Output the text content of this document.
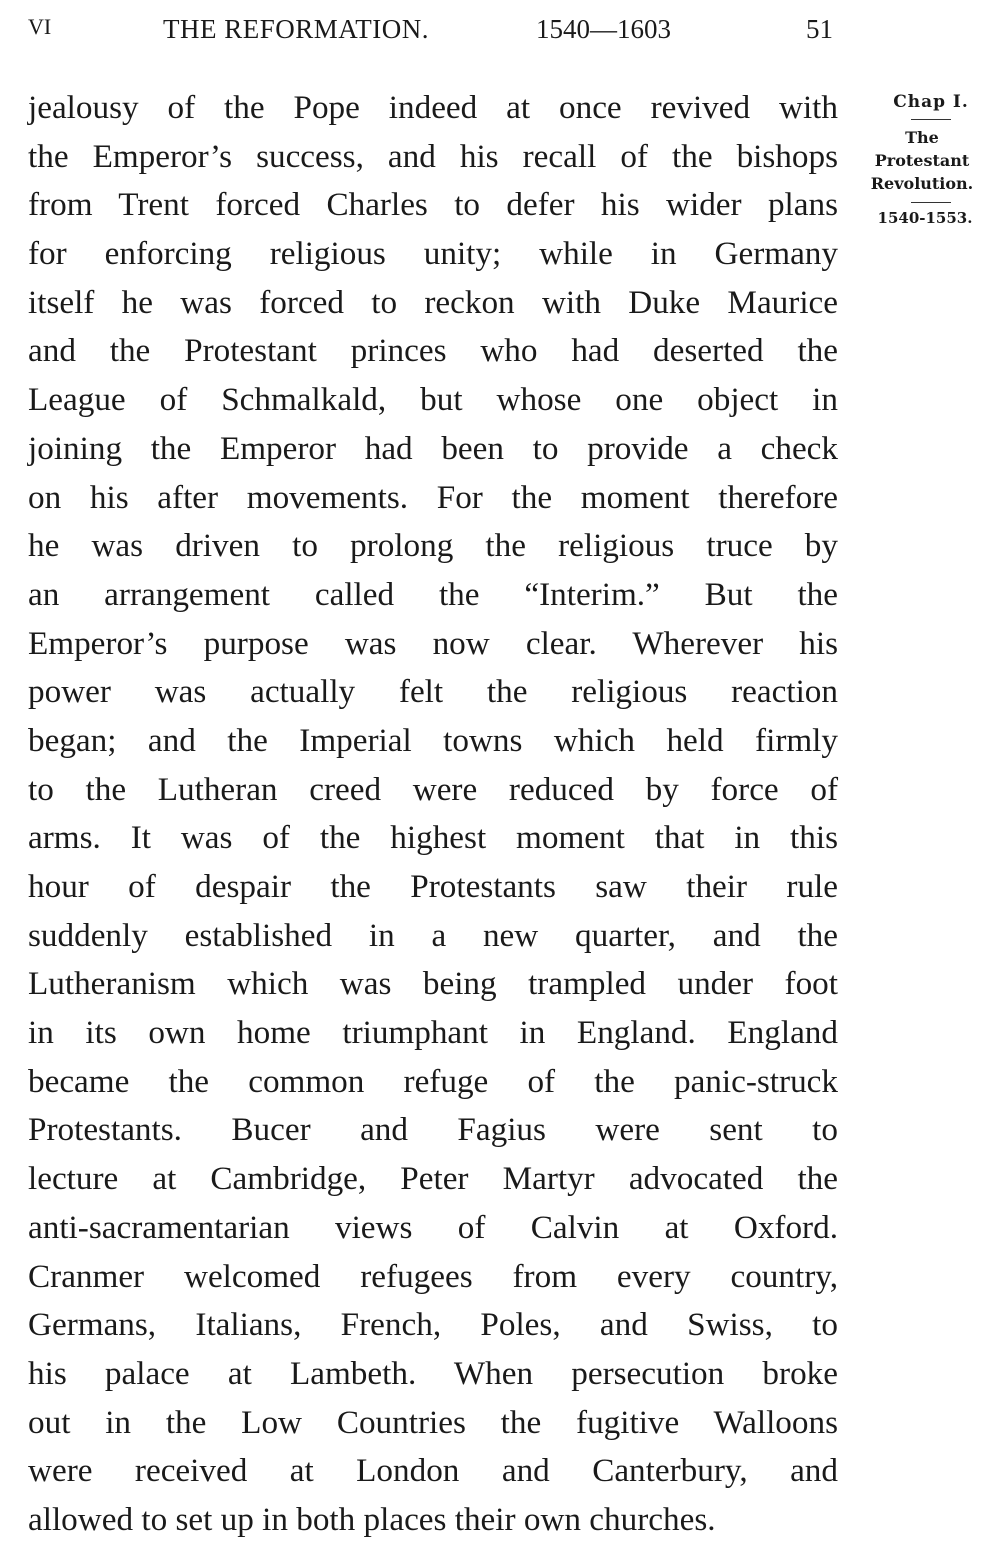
VI	THE REFORMATION.	1540—1603	51
jealousy of the Pope indeed at once revived with
the Emperor’s success, and his recall of the bishops
from Trent forced Charles to defer his wider plans
for enforcing religious unity; while in Germany
itself he was forced to reckon with Duke Maurice
and the Protestant princes who had deserted the
League of Schmalkald, but whose one object in
joining the Emperor had been to provide a check
on his after movements. For the moment therefore
he was driven to prolong the religious truce by
an arrangement called the “Interim.” But the
Emperor’s purpose was now clear. Wherever his
power was actually felt the religious reaction
began; and the Imperial towns which held firmly
to the Lutheran creed were reduced by force of
arms. It was of the highest moment that in this
hour of despair the Protestants saw their rule
suddenly established in a new quarter, and the
Lutheranism which was being trampled under foot
in its own home triumphant in England. England
became the common refuge of the panic-struck
Protestants. Bucer and Fagius were sent to
lecture at Cambridge, Peter Martyr advocated the
anti-sacramentarian views of Calvin at Oxford.
Cranmer welcomed refugees from every country,
Germans, Italians, French, Poles, and Swiss, to
his palace at Lambeth. When persecution broke
out in the Low Countries the fugitive Walloons
were received at London and Canterbury, and
allowed to set up in both places their own churches.
Chap I.
The
Protestant
Revolution.
1540-1553.
